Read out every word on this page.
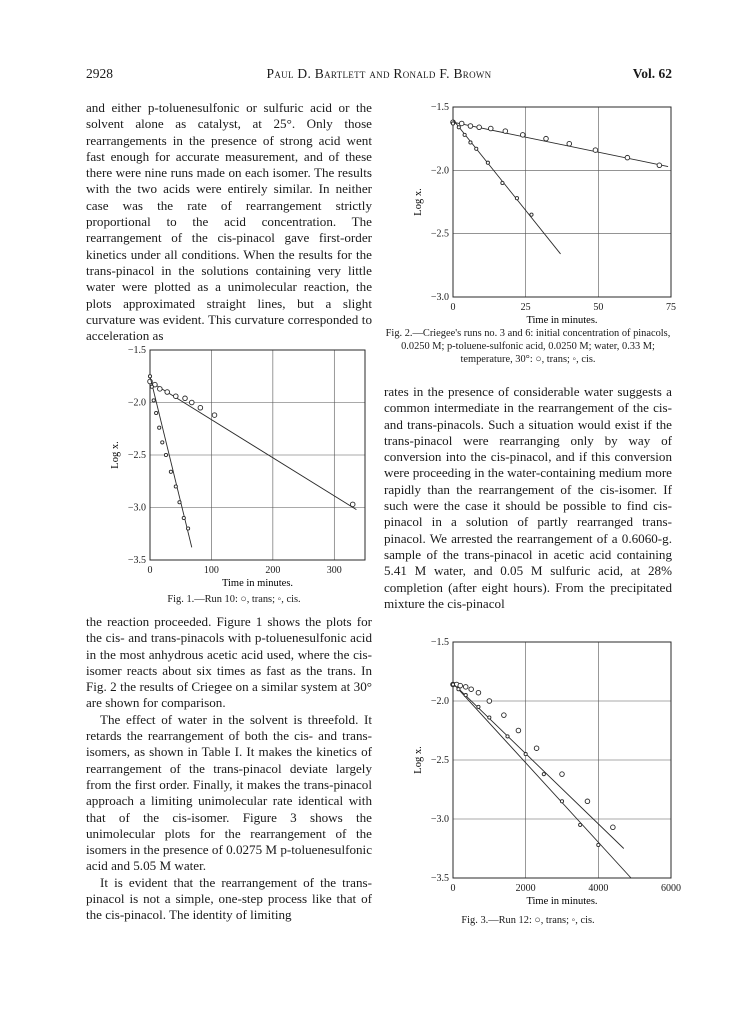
2928	Paul D. Bartlett and Ronald F. Brown	Vol. 62

and either p-toluenesulfonic or sulfuric acid or the solvent alone as catalyst, at 25°. Only those rearrangements in the presence of strong acid went fast enough for accurate measurement, and of these there were nine runs made on each isomer. The results with the two acids were entirely similar. In neither case was the rate of rearrangement strictly proportional to the acid concentration. The rearrangement of the cis-pinacol gave first-order kinetics under all conditions. When the results for the trans-pinacol in the solutions containing very little water were plotted as a unimolecular reaction, the plots approximated straight lines, but a slight curvature was evident. This curvature corresponded to acceleration as

0	100	200	300
−1.5
−2.0
−2.5
−3.0
−3.5
Time in minutes.
Log x.
Fig. 1.—Run 10: ○, trans; ◦, cis.

the reaction proceeded. Figure 1 shows the plots for the cis- and trans-pinacols with p-toluenesulfonic acid in the most anhydrous acetic acid used, where the cis-isomer reacts about six times as fast as the trans. In Fig. 2 the results of Criegee on a similar system at 30° are shown for comparison.

The effect of water in the solvent is threefold. It retards the rearrangement of both the cis- and trans-isomers, as shown in Table I. It makes the kinetics of rearrangement of the trans-pinacol deviate largely from the first order. Finally, it makes the trans-pinacol approach a limiting unimolecular rate identical with that of the cis-isomer. Figure 3 shows the unimolecular plots for the rearrangement of the isomers in the presence of 0.0275 M p-toluenesulfonic acid and 5.05 M water.

It is evident that the rearrangement of the trans-pinacol is not a simple, one-step process like that of the cis-pinacol. The identity of limiting

0	25	50	75
−1.5
−2.0
−2.5
−3.0
Time in minutes.
Log x.
Fig. 2.—Criegee's runs no. 3 and 6: initial concentration of pinacols, 0.0250 M; p-toluene-sulfonic acid, 0.0250 M; water, 0.33 M; temperature, 30°: ○, trans; ◦, cis.

rates in the presence of considerable water suggests a common intermediate in the rearrangement of the cis- and trans-pinacols. Such a situation would exist if the trans-pinacol were rearranging only by way of conversion into the cis-pinacol, and if this conversion were proceeding in the water-containing medium more rapidly than the rearrangement of the cis-isomer. If such were the case it should be possible to find cis-pinacol in a solution of partly rearranged trans-pinacol. We arrested the rearrangement of a 0.6060-g. sample of the trans-pinacol in acetic acid containing 5.41 M water, and 0.05 M sulfuric acid, at 28% completion (after eight hours). From the precipitated mixture the cis-pinacol

0	2000	4000	6000
−1.5
−2.0
−2.5
−3.0
−3.5
Time in minutes.
Log x.
Fig. 3.—Run 12: ○, trans; ◦, cis.
